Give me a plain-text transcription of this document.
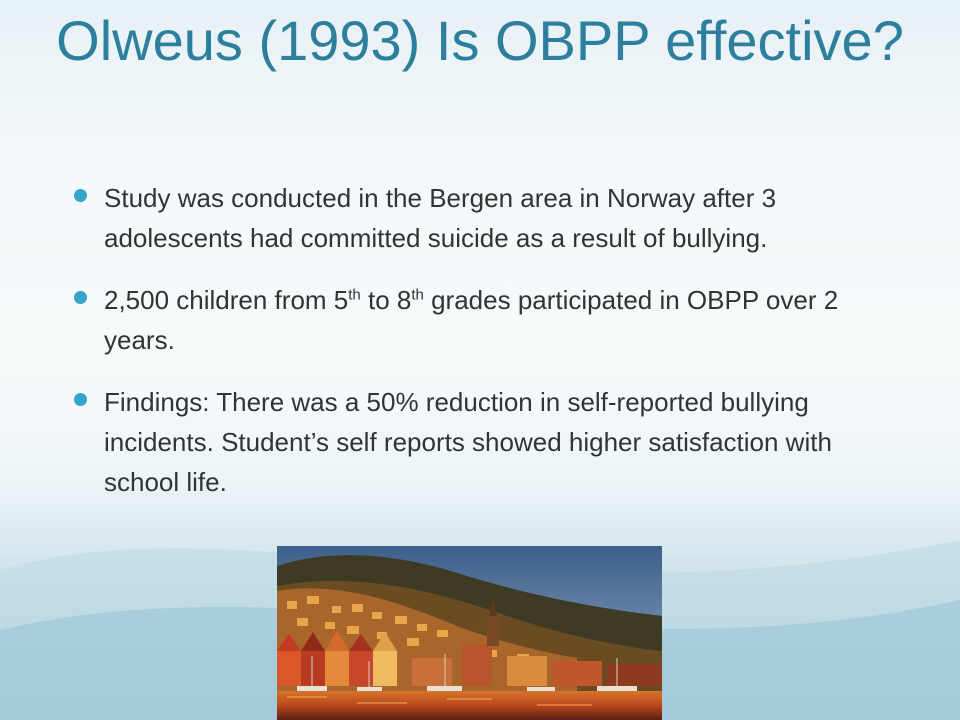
Olweus (1993) Is OBPP effective?
Study was conducted in the Bergen area in Norway after 3 adolescents had committed suicide as a result of bullying.
2,500 children from 5th to 8th grades participated in OBPP over 2 years.
Findings: There was a 50% reduction in self-reported bullying incidents. Student’s self reports showed higher satisfaction with school life.
